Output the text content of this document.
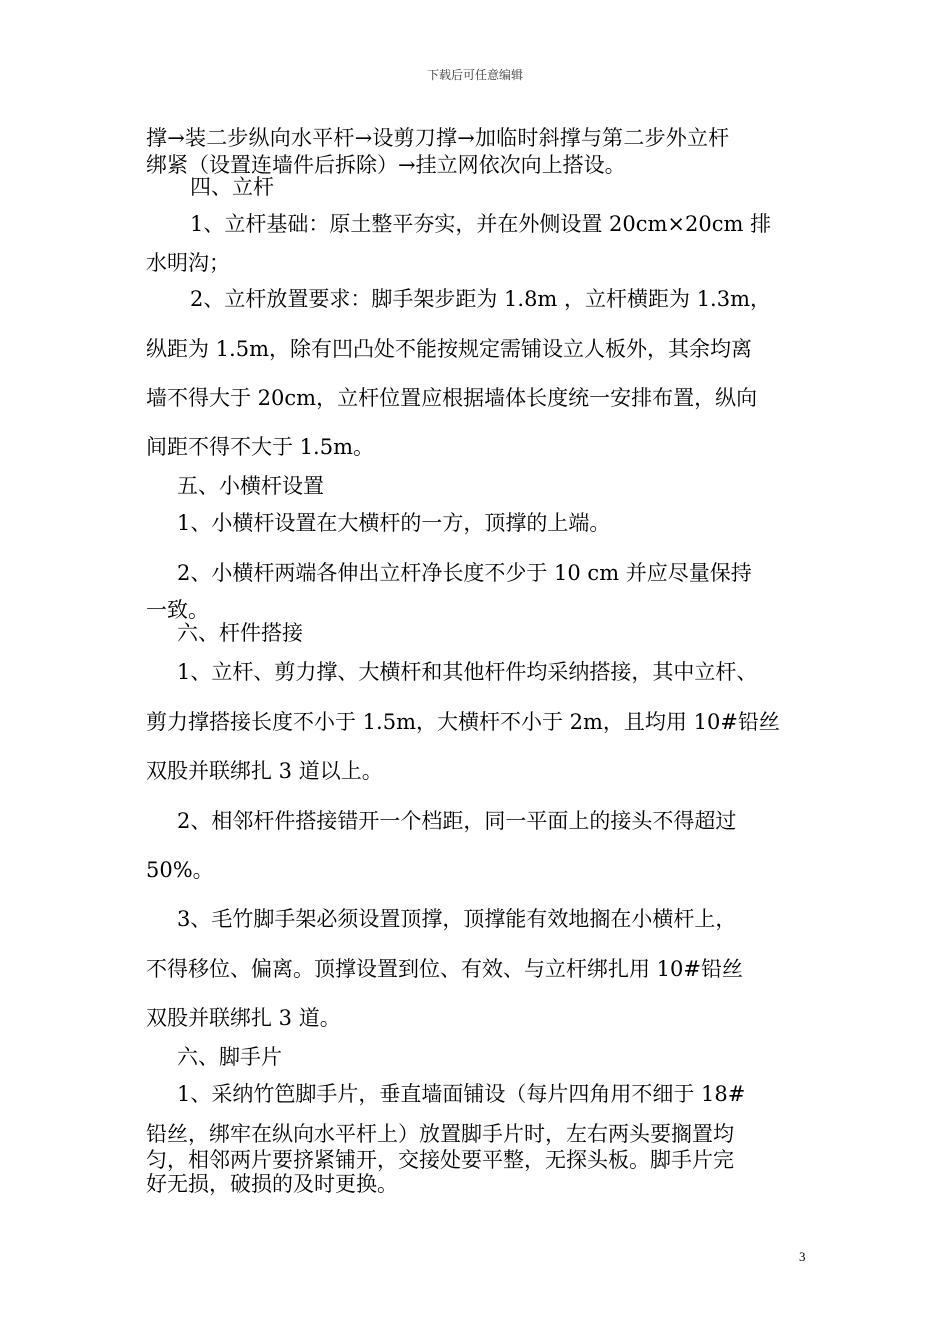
下载后可任意编辑
撑→装二步纵向水平杆→设剪刀撑→加临时斜撑与第二步外立杆
绑紧（设置连墙件后拆除）→挂立网依次向上搭设。
四、立杆
1、立杆基础：原土整平夯实，并在外侧设置 20cm×20cm 排
水明沟；
2、立杆放置要求：脚手架步距为 1.8m ，立杆横距为 1.3m，
纵距为 1.5m，除有凹凸处不能按规定需铺设立人板外，其余均离
墙不得大于 20cm，立杆位置应根据墙体长度统一安排布置，纵向
间距不得不大于 1.5m。
五、小横杆设置
1、小横杆设置在大横杆的一方，顶撑的上端。
2、小横杆两端各伸出立杆净长度不少于 10 cm 并应尽量保持
一致。
六、杆件搭接
1、立杆、剪力撑、大横杆和其他杆件均采纳搭接，其中立杆、
剪力撑搭接长度不小于 1.5m，大横杆不小于 2m，且均用 10#铅丝
双股并联绑扎 3 道以上。
2、相邻杆件搭接错开一个档距，同一平面上的接头不得超过
50%。
3、毛竹脚手架必须设置顶撑，顶撑能有效地搁在小横杆上，
不得移位、偏离。顶撑设置到位、有效、与立杆绑扎用 10#铅丝
双股并联绑扎 3 道。
六、脚手片
1、采纳竹笆脚手片，垂直墙面铺设（每片四角用不细于 18#
铅丝，绑牢在纵向水平杆上）放置脚手片时，左右两头要搁置均
匀，相邻两片要挤紧铺开，交接处要平整，无探头板。脚手片完
好无损，破损的及时更换。
3
